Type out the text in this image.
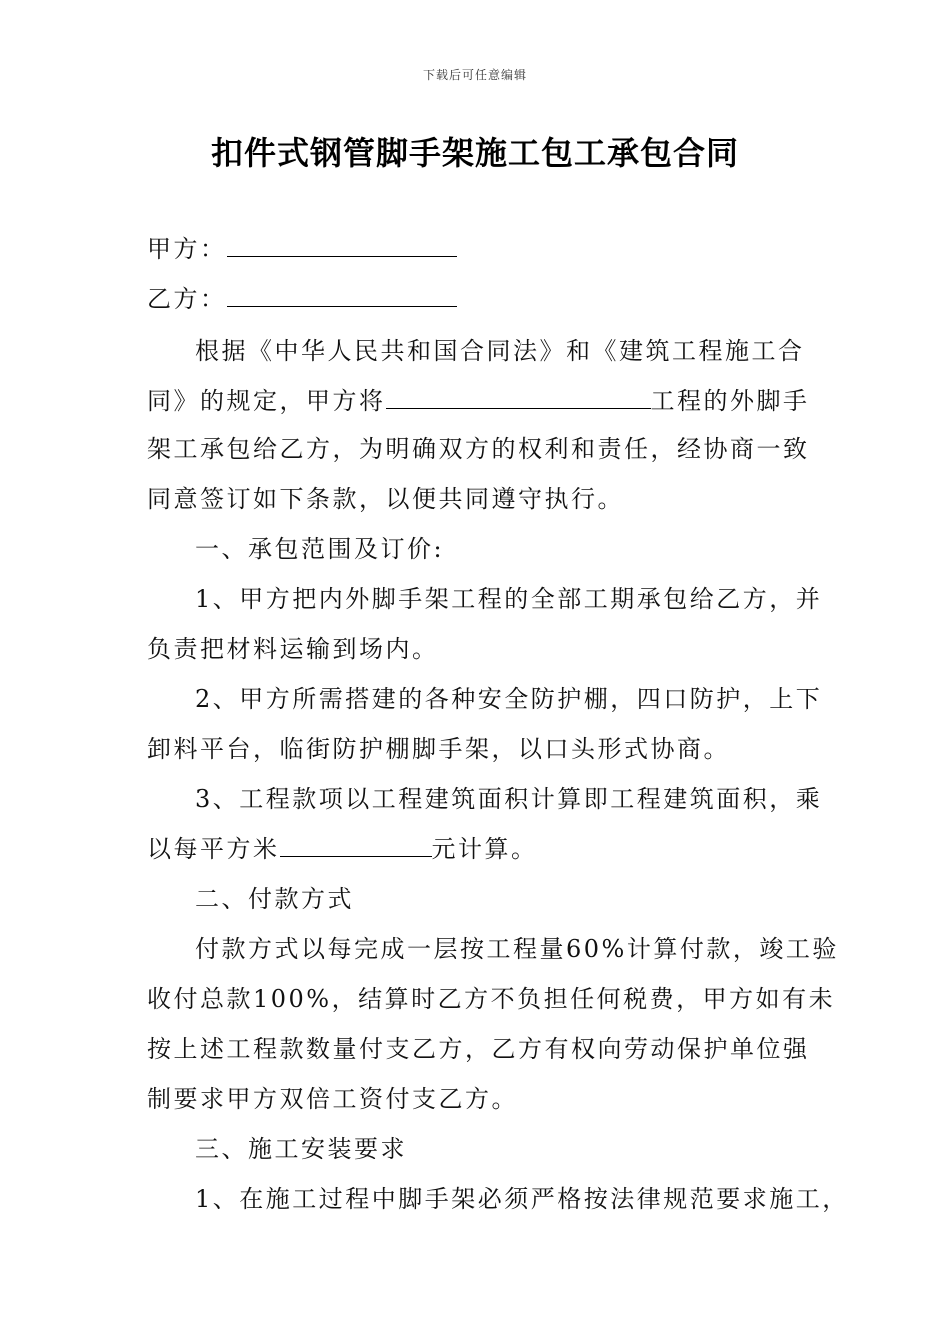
下载后可任意编辑
扣件式钢管脚手架施工包工承包合同
甲方：
乙方：
根据《中华人民共和国合同法》和《建筑工程施工合
同》的规定，甲方将	工程的外脚手
架工承包给乙方，为明确双方的权利和责任，经协商一致
同意签订如下条款，以便共同遵守执行。
一、承包范围及订价:
1、甲方把内外脚手架工程的全部工期承包给乙方，并
负责把材料运输到场内。
2、甲方所需搭建的各种安全防护棚，四口防护，上下
卸料平台，临街防护棚脚手架，以口头形式协商。
3、工程款项以工程建筑面积计算即工程建筑面积，乘
以每平方米	元计算。
二、付款方式
付款方式以每完成一层按工程量60%计算付款，竣工验
收付总款100%，结算时乙方不负担任何税费，甲方如有未
按上述工程款数量付支乙方，乙方有权向劳动保护单位强
制要求甲方双倍工资付支乙方。
三、施工安装要求
1、在施工过程中脚手架必须严格按法律规范要求施工，
